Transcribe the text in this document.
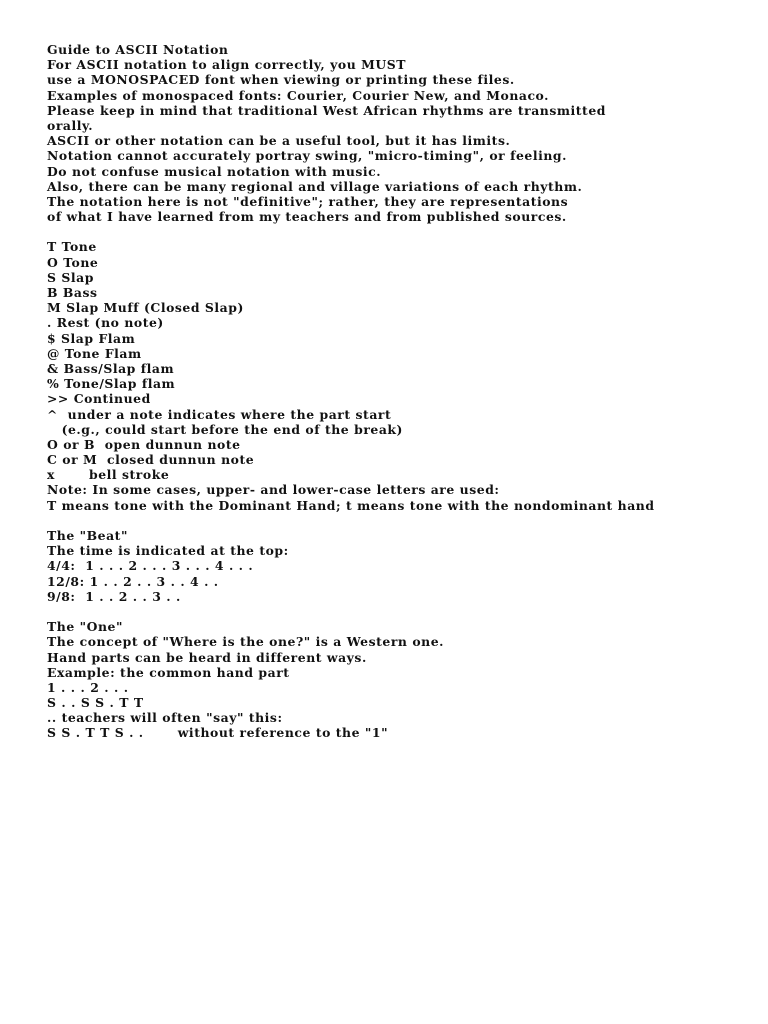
Guide to ASCII Notation
For ASCII notation to align correctly, you MUST
use a MONOSPACED font when viewing or printing these files.
Examples of monospaced fonts: Courier, Courier New, and Monaco.
Please keep in mind that traditional West African rhythms are transmitted
orally.
ASCII or other notation can be a useful tool, but it has limits.
Notation cannot accurately portray swing, "micro-timing", or feeling.
Do not confuse musical notation with music.
Also, there can be many regional and village variations of each rhythm.
The notation here is not "definitive"; rather, they are representations
of what I have learned from my teachers and from published sources.
T Tone
O Tone
S Slap
B Bass
M Slap Muff (Closed Slap)
. Rest (no note)
$ Slap Flam
@ Tone Flam
& Bass/Slap flam
% Tone/Slap flam
>> Continued
^  under a note indicates where the part start
(e.g., could start before the end of the break)
O or B  open dunnun note
C or M  closed dunnun note
x       bell stroke
Note: In some cases, upper- and lower-case letters are used:
T means tone with the Dominant Hand; t means tone with the nondominant hand
The "Beat"
The time is indicated at the top:
4/4:  1 . . . 2 . . . 3 . . . 4 . . .
12/8: 1 . . 2 . . 3 . . 4 . .
9/8:  1 . . 2 . . 3 . .
The "One"
The concept of "Where is the one?" is a Western one.
Hand parts can be heard in different ways.
Example: the common hand part
1 . . . 2 . . .
S . . S S . T T
.. teachers will often "say" this:
S S . T T S . .       without reference to the "1"
